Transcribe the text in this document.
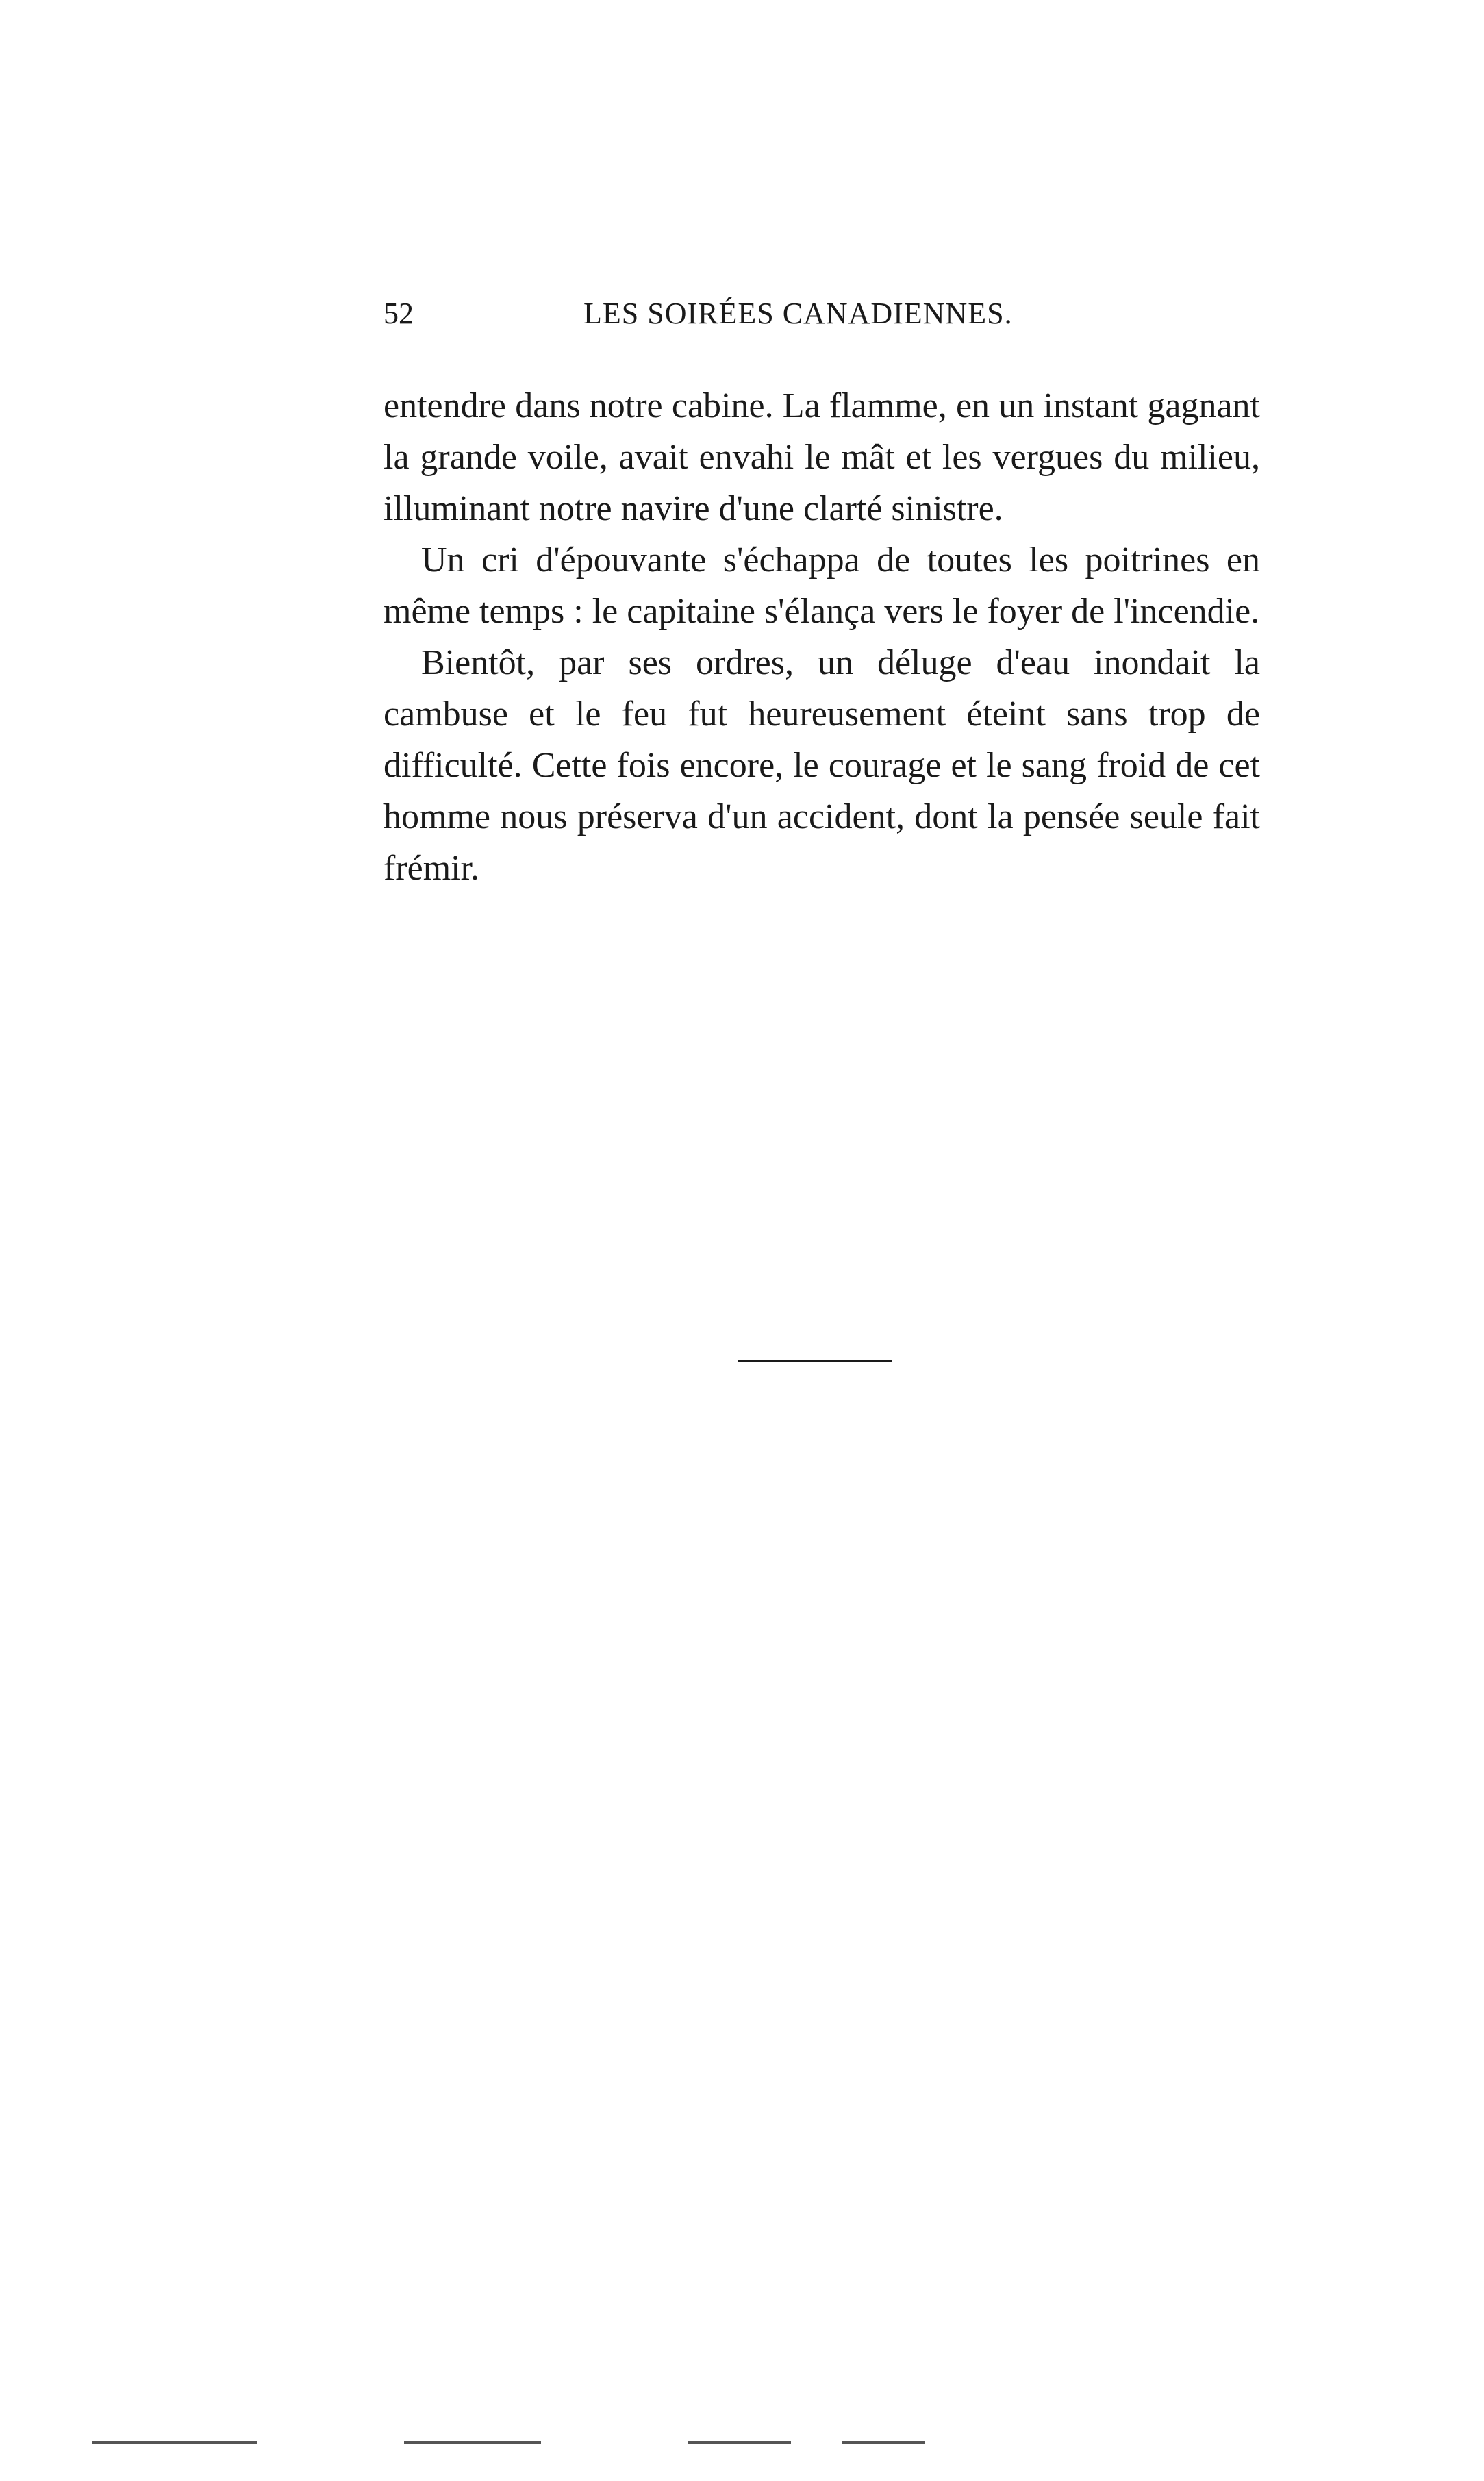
52	LES SOIRÉES CANADIENNES.

entendre dans notre cabine. La flamme, en un instant gagnant la grande voile, avait envahi le mât et les vergues du milieu, illuminant notre navire d'une clarté sinistre.

Un cri d'épouvante s'échappa de toutes les poitrines en même temps : le capitaine s'élança vers le foyer de l'incendie.

Bientôt, par ses ordres, un déluge d'eau inondait la cambuse et le feu fut heureusement éteint sans trop de difficulté. Cette fois encore, le courage et le sang froid de cet homme nous préserva d'un accident, dont la pensée seule fait frémir.
